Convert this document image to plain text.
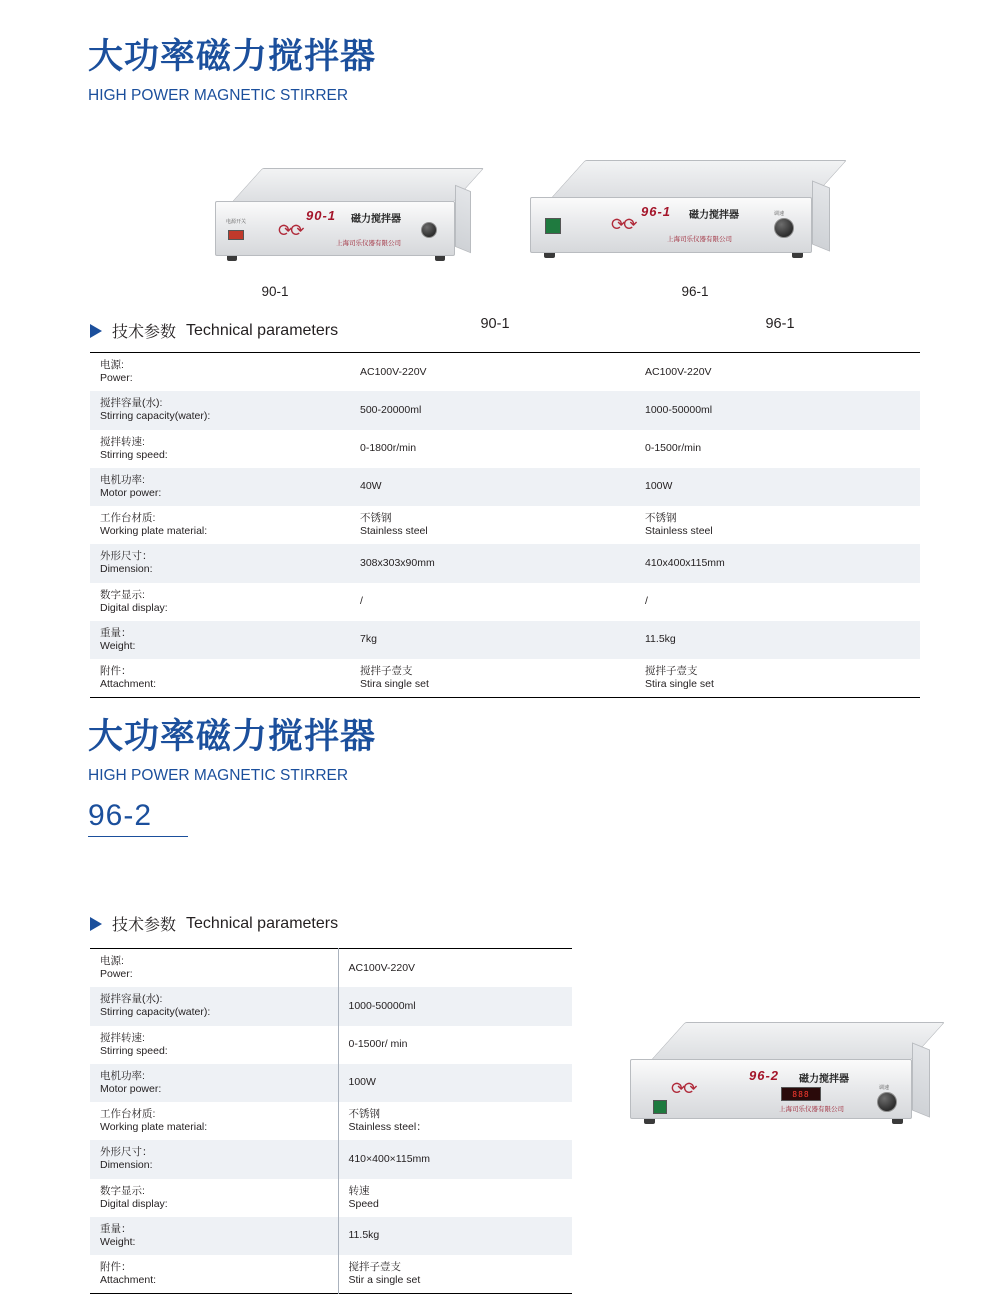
大功率磁力搅拌器
HIGH POWER MAGNETIC STIRRER
电源开关 ⟳⟳
90-1 磁力搅拌器
上海司乐仪器有限公司
90-1
⟳⟳
96-1 磁力搅拌器
上海司乐仪器有限公司
调速
96-1
90-1	96-1
技术参数 Technical parameters
电源:
Power:	AC100V-220V	AC100V-220V

搅拌容量(水):
Stirring capacity(water):	500-20000ml	1000-50000ml

搅拌转速:
Stirring speed:	0-1800r/min	0-1500r/min

电机功率:
Motor power:	40W	100W

工作台材质:
Working plate material:	不锈钢
Stainless steel	不锈钢
Stainless steel

外形尺寸：
Dimension:	308x303x90mm	410x400x115mm

数字显示:
Digital display:	/	/

重量：
Weight:	7kg	11.5kg

附件：
Attachment:	搅拌子壹支
Stira single set	搅拌子壹支
Stira single set
大功率磁力搅拌器
HIGH POWER MAGNETIC STIRRER
96-2
技术参数 Technical parameters
电源:
Power:	AC100V-220V

搅拌容量(水):
Stirring capacity(water):	1000-50000ml

搅拌转速:
Stirring speed:	0-1500r/ min

电机功率:
Motor power:	100W

工作台材质:
Working plate material:	不锈钢
Stainless steel：

外形尺寸：
Dimension:	410×400×115mm

数字显示:
Digital display:	转速
Speed

重量：
Weight:	11.5kg

附件：
Attachment:	搅拌子壹支
Stir a single set
⟳⟳
96-2 磁力搅拌器
上海司乐仪器有限公司
888
调速
